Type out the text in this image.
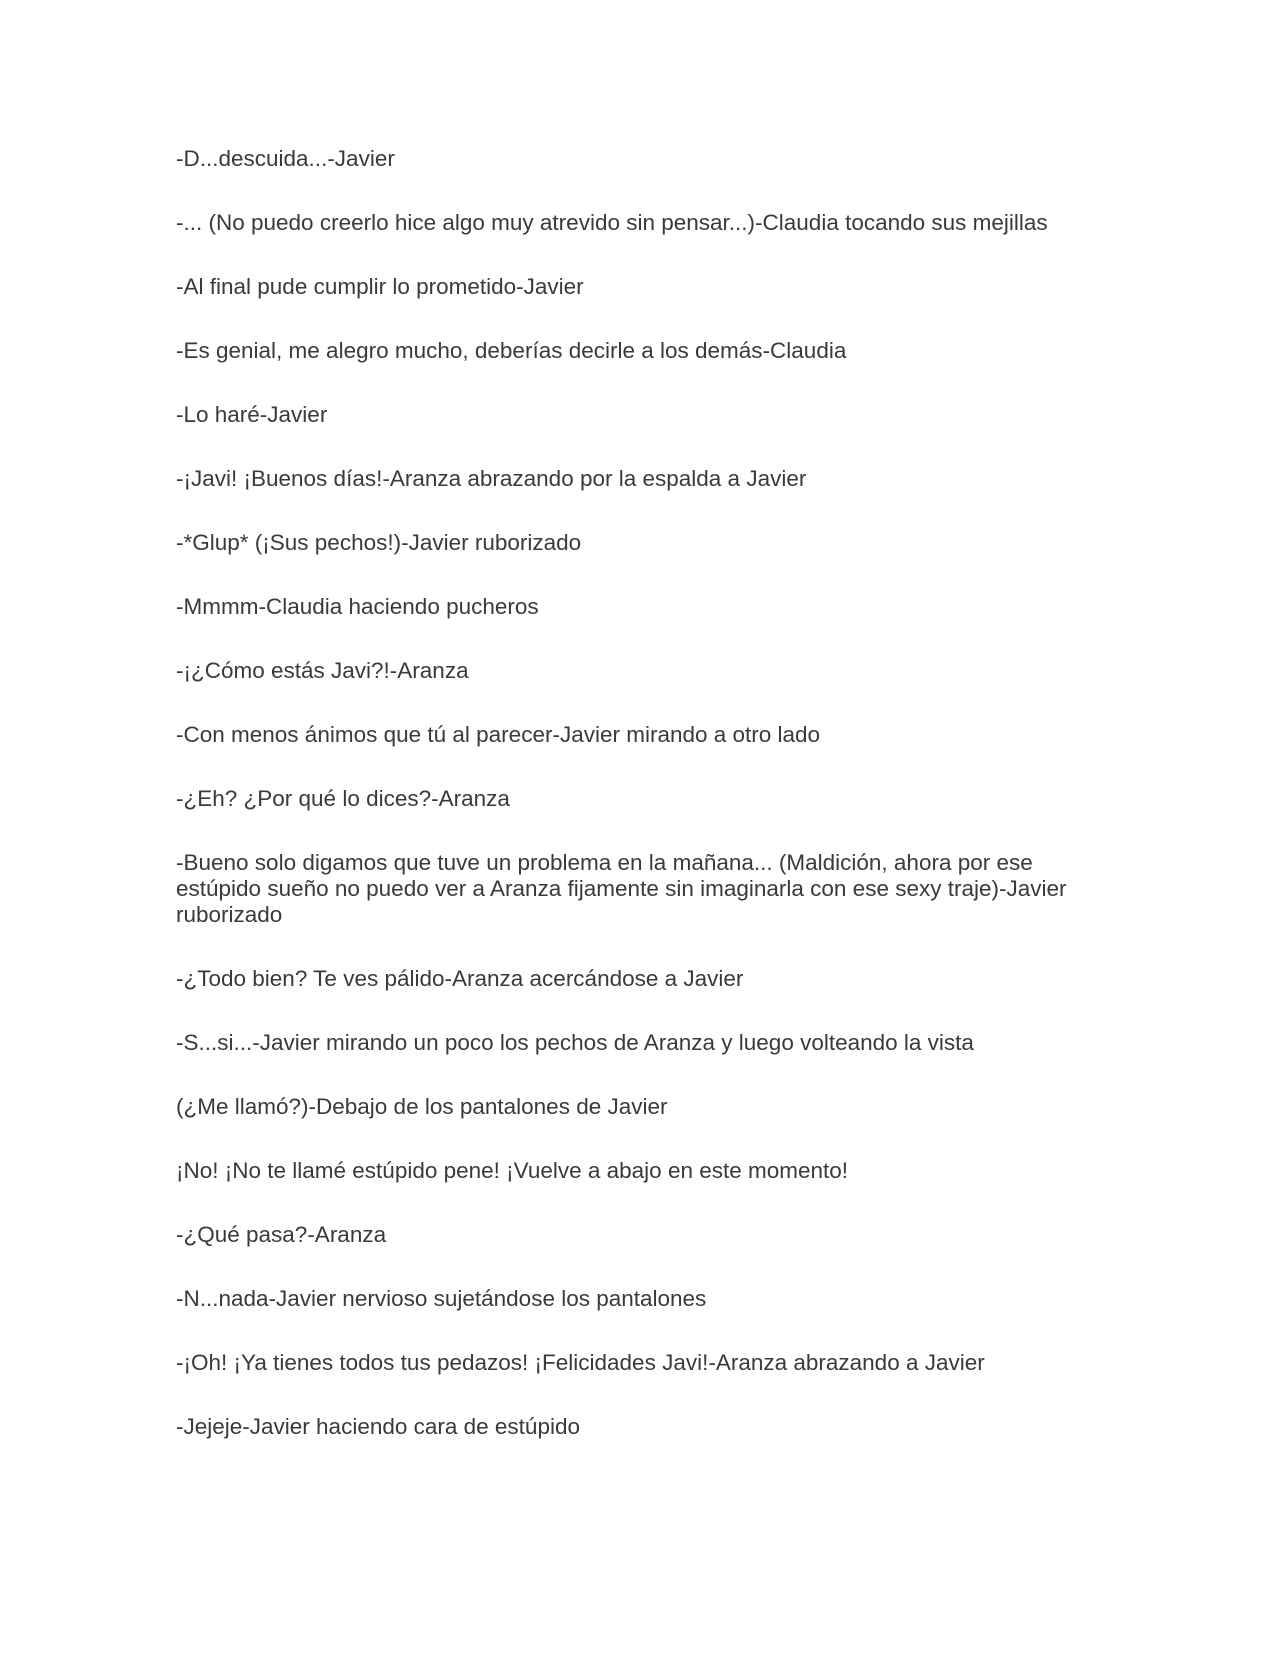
-D...descuida...-Javier

-... (No puedo creerlo hice algo muy atrevido sin pensar...)-Claudia tocando sus mejillas

-Al final pude cumplir lo prometido-Javier

-Es genial, me alegro mucho, deberías decirle a los demás-Claudia

-Lo haré-Javier

-¡Javi! ¡Buenos días!-Aranza abrazando por la espalda a Javier

-*Glup* (¡Sus pechos!)-Javier ruborizado

-Mmmm-Claudia haciendo pucheros

-¡¿Cómo estás Javi?!-Aranza

-Con menos ánimos que tú al parecer-Javier mirando a otro lado

-¿Eh? ¿Por qué lo dices?-Aranza

-Bueno solo digamos que tuve un problema en la mañana... (Maldición, ahora por ese estúpido sueño no puedo ver a Aranza fijamente sin imaginarla con ese sexy traje)-Javier ruborizado

-¿Todo bien? Te ves pálido-Aranza acercándose a Javier

-S...si...-Javier mirando un poco los pechos de Aranza y luego volteando la vista

(¿Me llamó?)-Debajo de los pantalones de Javier

¡No! ¡No te llamé estúpido pene! ¡Vuelve a abajo en este momento!

-¿Qué pasa?-Aranza

-N...nada-Javier nervioso sujetándose los pantalones

-¡Oh! ¡Ya tienes todos tus pedazos! ¡Felicidades Javi!-Aranza abrazando a Javier

-Jejeje-Javier haciendo cara de estúpido
